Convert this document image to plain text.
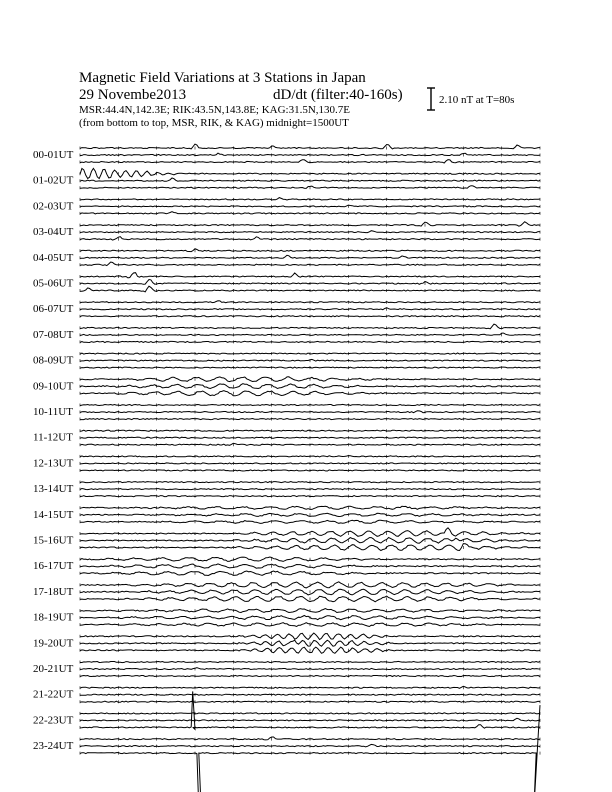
Magnetic Field Variations at 3 Stations in Japan
29 Novembe2013	dD/dt (filter:40-160s)
MSR:44.4N,142.3E; RIK:43.5N,143.8E; KAG:31.5N,130.7E
(from bottom to top, MSR, RIK, & KAG) midnight=1500UT
2.10 nT at T=80s
00-01UT
01-02UT
02-03UT
03-04UT
04-05UT
05-06UT
06-07UT
07-08UT
08-09UT
09-10UT
10-11UT
11-12UT
12-13UT
13-14UT
14-15UT
15-16UT
16-17UT
17-18UT
18-19UT
19-20UT
20-21UT
21-22UT
22-23UT
23-24UT
